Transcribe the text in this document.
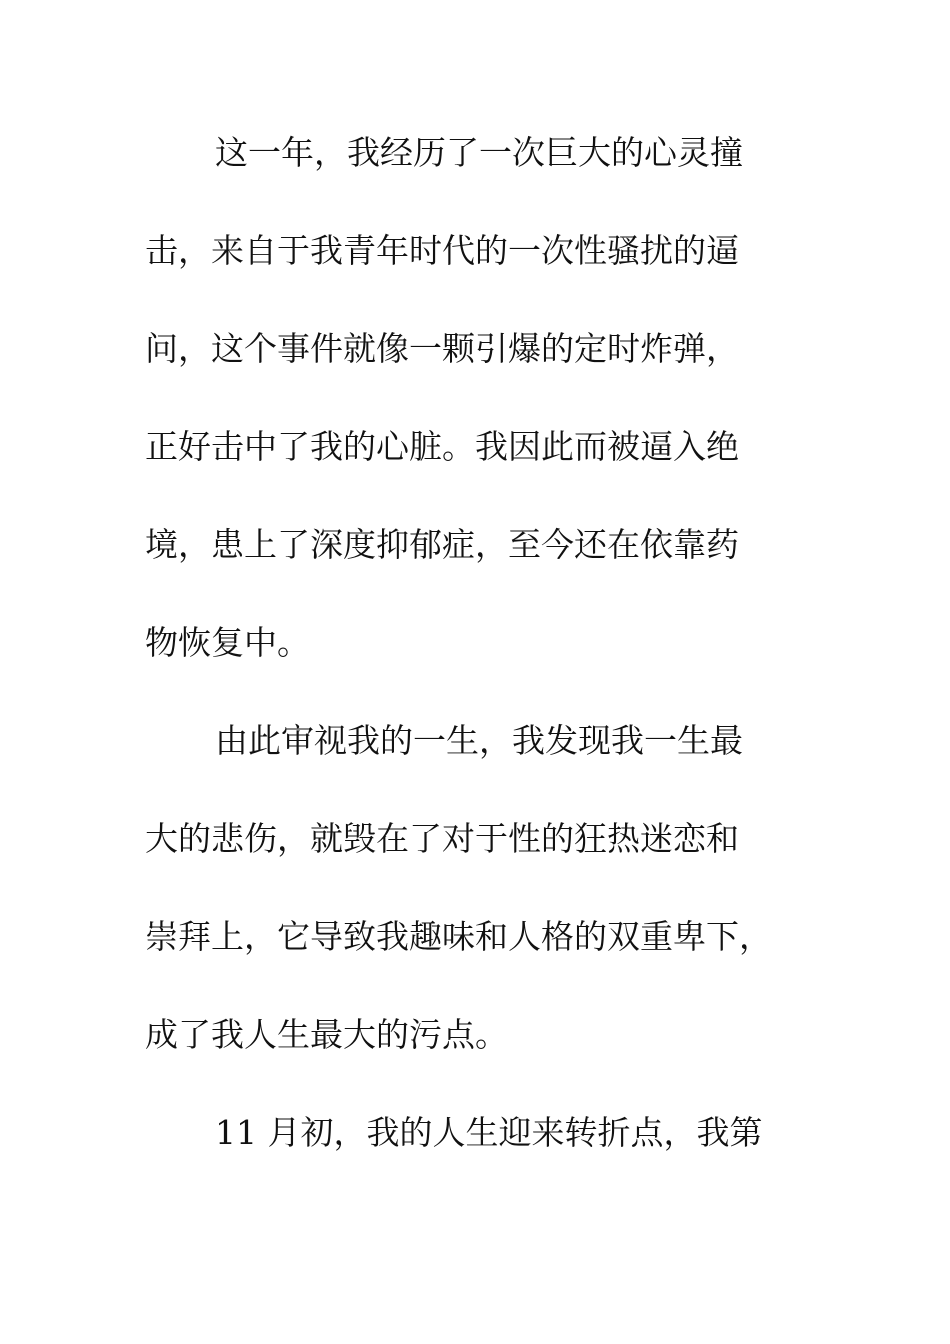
这一年，我经历了一次巨大的心灵撞

击，来自于我青年时代的一次性骚扰的逼

问，这个事件就像一颗引爆的定时炸弹，

正好击中了我的心脏。我因此而被逼入绝

境，患上了深度抑郁症，至今还在依靠药

物恢复中。

由此审视我的一生，我发现我一生最

大的悲伤，就毁在了对于性的狂热迷恋和

崇拜上，它导致我趣味和人格的双重卑下，

成了我人生最大的污点。

11 月初，我的人生迎来转折点，我第
